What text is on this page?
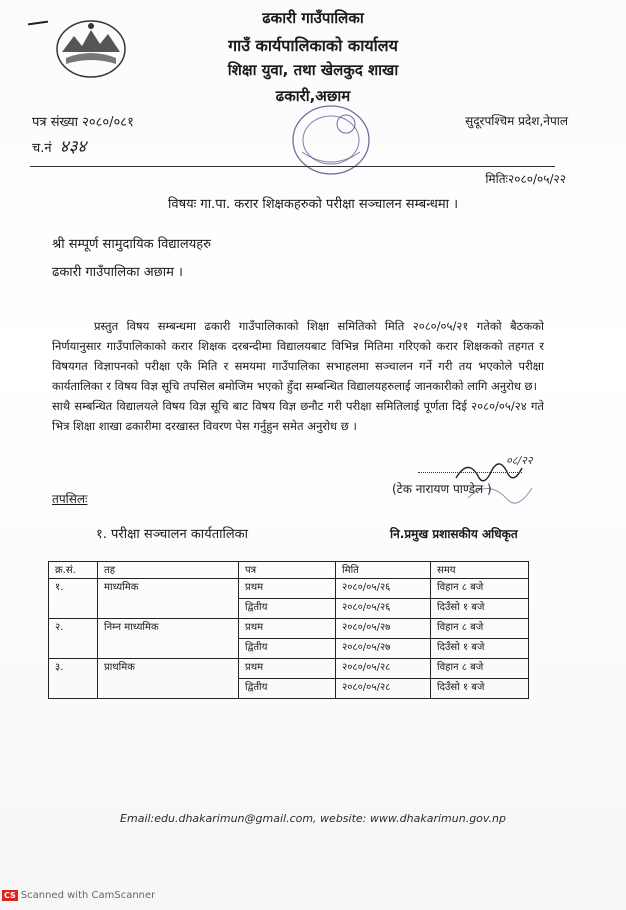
ढकारी गाउँपालिका
गाउँ कार्यपालिकाको कार्यालय
शिक्षा युवा, तथा खेलकुद शाखा
ढकारी,अछाम
पत्र संख्या २०८०/०८१
च.नं ४३४
सुदूरपश्चिम प्रदेश,नेपाल
मितिः२०८०/०५/२२
विषयः गा.पा. करार शिक्षकहरुको परीक्षा सञ्चालन सम्बन्धमा ।
श्री सम्पूर्ण सामुदायिक विद्यालयहरु
ढकारी गाउँपालिका अछाम ।

प्रस्तुत विषय सम्बन्धमा ढकारी गाउँपालिकाको शिक्षा समितिको मिति २०८०/०५/२१ गतेको बैठकको निर्णयानुसार गाउँपालिकाको करार शिक्षक दरबन्दीमा विद्यालयबाट विभिन्न मितिमा गरिएको करार शिक्षकको तहगत र विषयगत विज्ञापनको परीक्षा एकै मिति र समयमा गाउँपालिका सभाहलमा सञ्चालन गर्ने गरी तय भएकोले परीक्षा कार्यतालिका र विषय विज्ञ सूचि तपसिल बमोजिम भएको हुँदा सम्बन्धित विद्यालयहरुलाई जानकारीको लागि अनुरोध छ।

साथै सम्बन्धित विद्यालयले विषय विज्ञ सूचि बाट विषय विज्ञ छनौट गरी परीक्षा समितिलाई पूर्णता दिई २०८०/०५/२४ गते भित्र शिक्षा शाखा ढकारीमा दरखास्त विवरण पेस गर्नुहुन समेत अनुरोध छ ।

०८/२२
(टेक नारायण पाण्डेल )
तपसिलः
१. परीक्षा सञ्चालन कार्यतालिका	नि.प्रमुख प्रशासकीय अधिकृत
क्र.सं.	तह	पत्र	मिति	समय
१.	माध्यमिक	प्रथम	२०८०/०५/२६	विहान ८ बजे
		द्वितीय	२०८०/०५/२६	दिउँसो १ बजे
२.	निम्न माध्यमिक	प्रथम	२०८०/०५/२७	विहान ८ बजे
		द्वितीय	२०८०/०५/२७	दिउँसो १ बजे
३.	प्राथमिक	प्रथम	२०८०/०५/२८	विहान ८ बजे
		द्वितीय	२०८०/०५/२८	दिउँसो १ बजे
Email:edu.dhakarimun@gmail.com, website: www.dhakarimun.gov.np
CS Scanned with CamScanner
